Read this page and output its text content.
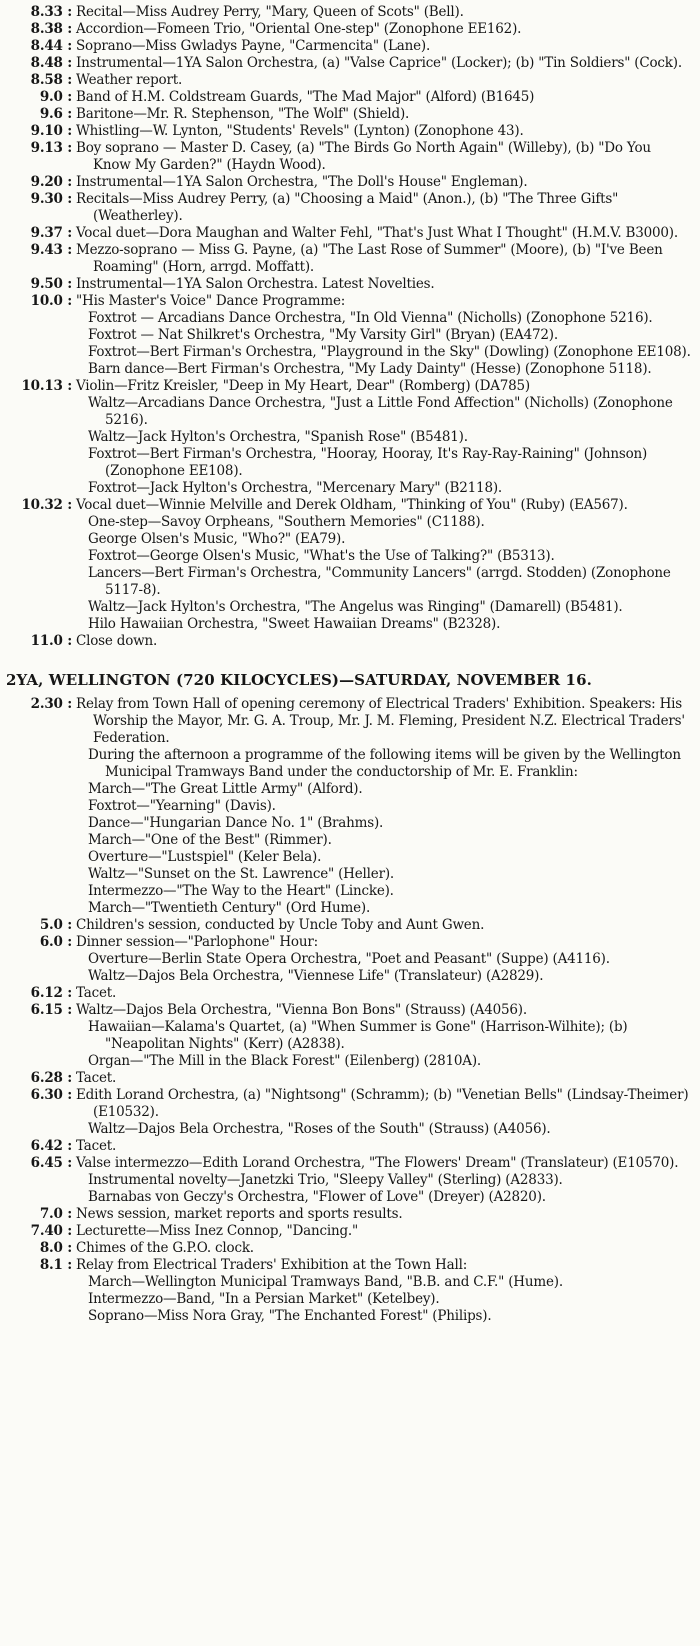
8.33 : Recital—Miss Audrey Perry, "Mary, Queen of Scots" (Bell).
8.38 : Accordion—Fomeen Trio, "Oriental One-step" (Zonophone EE162).
8.44 : Soprano—Miss Gwladys Payne, "Carmencita" (Lane).
8.48 : Instrumental—1YA Salon Orchestra, (a) "Valse Caprice" (Locker); (b) "Tin Soldiers" (Cock).
8.58 : Weather report.
9.0 : Band of H.M. Coldstream Guards, "The Mad Major" (Alford) (B1645)
9.6 : Baritone—Mr. R. Stephenson, "The Wolf" (Shield).
9.10 : Whistling—W. Lynton, "Students' Revels" (Lynton) (Zonophone 43).
9.13 : Boy soprano — Master D. Casey, (a) "The Birds Go North Again" (Willeby), (b) "Do You Know My Garden?" (Haydn Wood).
9.20 : Instrumental—1YA Salon Orchestra, "The Doll's House" Engleman).
9.30 : Recitals—Miss Audrey Perry, (a) "Choosing a Maid" (Anon.), (b) "The Three Gifts" (Weatherley).
9.37 : Vocal duet—Dora Maughan and Walter Fehl, "That's Just What I Thought" (H.M.V. B3000).
9.43 : Mezzo-soprano — Miss G. Payne, (a) "The Last Rose of Summer" (Moore), (b) "I've Been Roaming" (Horn, arrgd. Moffatt).
9.50 : Instrumental—1YA Salon Orchestra. Latest Novelties.
10.0 : "His Master's Voice" Dance Programme:
Foxtrot — Arcadians Dance Orchestra, "In Old Vienna" (Nicholls) (Zonophone 5216).
Foxtrot — Nat Shilkret's Orchestra, "My Varsity Girl" (Bryan) (EA472).
Foxtrot—Bert Firman's Orchestra, "Playground in the Sky" (Dowling) (Zonophone EE108).
Barn dance—Bert Firman's Orchestra, "My Lady Dainty" (Hesse) (Zonophone 5118).
10.13 : Violin—Fritz Kreisler, "Deep in My Heart, Dear" (Romberg) (DA785)
Waltz—Arcadians Dance Orchestra, "Just a Little Fond Affection" (Nicholls) (Zonophone 5216).
Waltz—Jack Hylton's Orchestra, "Spanish Rose" (B5481).
Foxtrot—Bert Firman's Orchestra, "Hooray, Hooray, It's Ray-Ray-Raining" (Johnson) (Zonophone EE108).
Foxtrot—Jack Hylton's Orchestra, "Mercenary Mary" (B2118).
10.32 : Vocal duet—Winnie Melville and Derek Oldham, "Thinking of You" (Ruby) (EA567).
One-step—Savoy Orpheans, "Southern Memories" (C1188).
George Olsen's Music, "Who?" (EA79).
Foxtrot—George Olsen's Music, "What's the Use of Talking?" (B5313).
Lancers—Bert Firman's Orchestra, "Community Lancers" (arrgd. Stodden) (Zonophone 5117-8).
Waltz—Jack Hylton's Orchestra, "The Angelus was Ringing" (Damarell) (B5481).
Hilo Hawaiian Orchestra, "Sweet Hawaiian Dreams" (B2328).
11.0 : Close down.
2YA, WELLINGTON (720 KILOCYCLES)—SATURDAY, NOVEMBER 16.
2.30 : Relay from Town Hall of opening ceremony of Electrical Traders' Exhibition. Speakers: His Worship the Mayor, Mr. G. A. Troup, Mr. J. M. Fleming, President N.Z. Electrical Traders' Federation.
During the afternoon a programme of the following items will be given by the Wellington Municipal Tramways Band under the conductorship of Mr. E. Franklin:
March—"The Great Little Army" (Alford).
Foxtrot—"Yearning" (Davis).
Dance—"Hungarian Dance No. 1" (Brahms).
March—"One of the Best" (Rimmer).
Overture—"Lustspiel" (Keler Bela).
Waltz—"Sunset on the St. Lawrence" (Heller).
Intermezzo—"The Way to the Heart" (Lincke).
March—"Twentieth Century" (Ord Hume).
5.0 : Children's session, conducted by Uncle Toby and Aunt Gwen.
6.0 : Dinner session—"Parlophone" Hour:
Overture—Berlin State Opera Orchestra, "Poet and Peasant" (Suppe) (A4116).
Waltz—Dajos Bela Orchestra, "Viennese Life" (Translateur) (A2829).
6.12 : Tacet.
6.15 : Waltz—Dajos Bela Orchestra, "Vienna Bon Bons" (Strauss) (A4056).
Hawaiian—Kalama's Quartet, (a) "When Summer is Gone" (Harrison-Wilhite); (b) "Neapolitan Nights" (Kerr) (A2838).
Organ—"The Mill in the Black Forest" (Eilenberg) (2810A).
6.28 : Tacet.
6.30 : Edith Lorand Orchestra, (a) "Nightsong" (Schramm); (b) "Venetian Bells" (Lindsay-Theimer) (E10532).
Waltz—Dajos Bela Orchestra, "Roses of the South" (Strauss) (A4056).
6.42 : Tacet.
6.45 : Valse intermezzo—Edith Lorand Orchestra, "The Flowers' Dream" (Translateur) (E10570).
Instrumental novelty—Janetzki Trio, "Sleepy Valley" (Sterling) (A2833).
Barnabas von Geczy's Orchestra, "Flower of Love" (Dreyer) (A2820).
7.0 : News session, market reports and sports results.
7.40 : Lecturette—Miss Inez Connop, "Dancing."
8.0 : Chimes of the G.P.O. clock.
8.1 : Relay from Electrical Traders' Exhibition at the Town Hall:
March—Wellington Municipal Tramways Band, "B.B. and C.F." (Hume).
Intermezzo—Band, "In a Persian Market" (Ketelbey).
Soprano—Miss Nora Gray, "The Enchanted Forest" (Philips).
